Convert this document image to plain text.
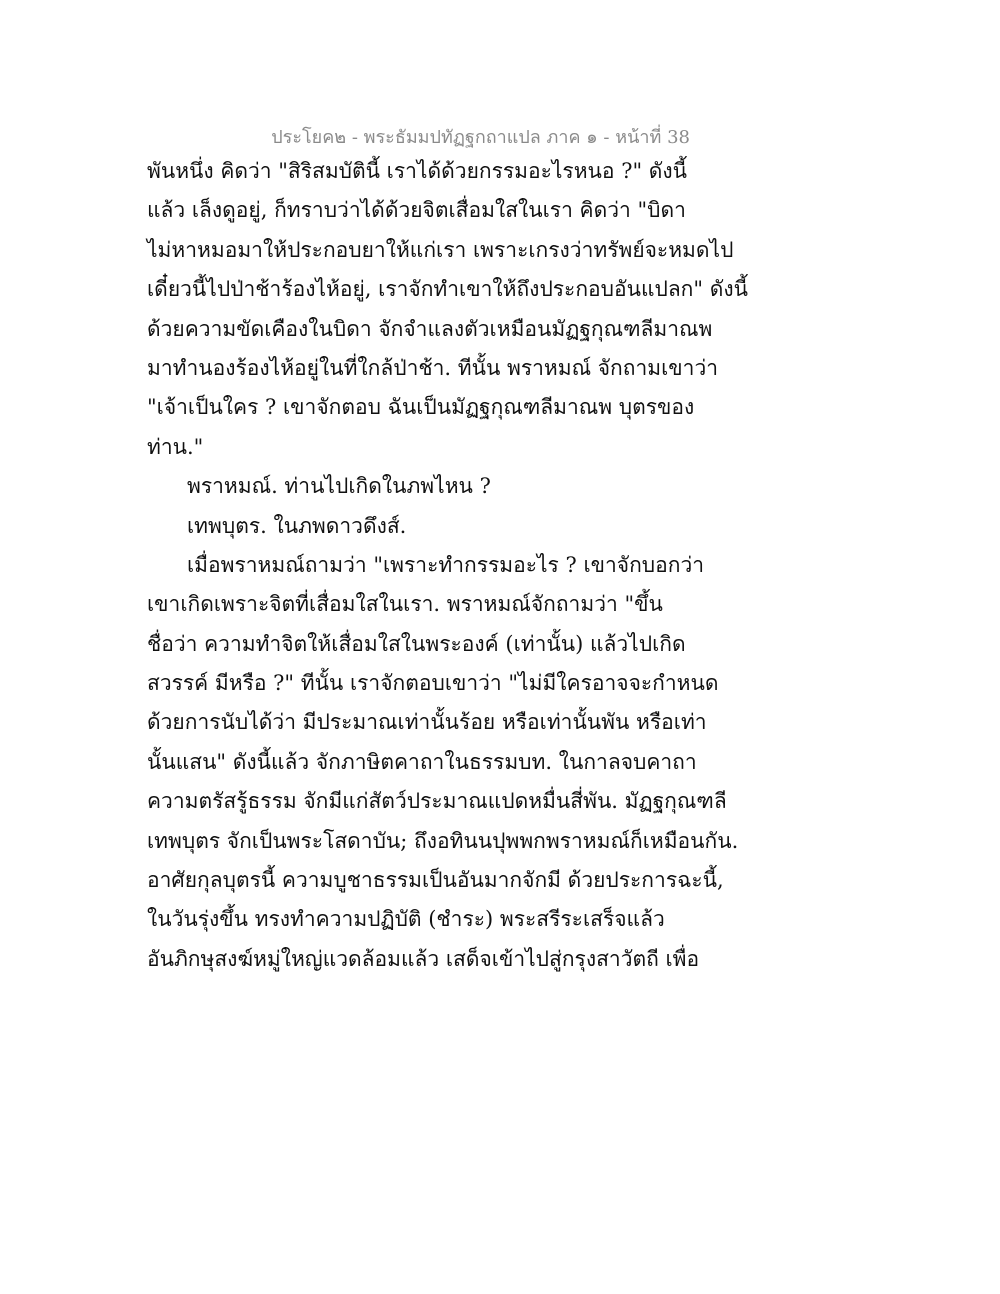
ประโยค๒ - พระธัมมปทัฏฐกถาแปล ภาค ๑ - หน้าที่ 38
พันหนึ่ง คิดว่า "สิริสมบัตินี้ เราได้ด้วยกรรมอะไรหนอ ?" ดังนี้
แล้ว เล็งดูอยู่, ก็ทราบว่าได้ด้วยจิตเสื่อมใสในเรา คิดว่า "บิดา
ไม่หาหมอมาให้ประกอบยาให้แก่เรา เพราะเกรงว่าทรัพย์จะหมดไป
เดี๋ยวนี้ไปป่าช้าร้องไห้อยู่, เราจักทำเขาให้ถึงประกอบอันแปลก" ดังนี้
ด้วยความขัดเคืองในบิดา จักจำแลงตัวเหมือนมัฏฐกุณฑลีมาณพ
มาทำนองร้องไห้อยู่ในที่ใกล้ป่าช้า. ทีนั้น พราหมณ์ จักถามเขาว่า
"เจ้าเป็นใคร ? เขาจักตอบ ฉันเป็นมัฏฐกุณฑลีมาณพ บุตรของ
ท่าน."
พราหมณ์. ท่านไปเกิดในภพไหน ?
เทพบุตร. ในภพดาวดึงส์.
เมื่อพราหมณ์ถามว่า "เพราะทำกรรมอะไร ? เขาจักบอกว่า
เขาเกิดเพราะจิตที่เสื่อมใสในเรา. พราหมณ์จักถามว่า "ขึ้น
ชื่อว่า ความทำจิตให้เสื่อมใสในพระองค์ (เท่านั้น) แล้วไปเกิด
สวรรค์ มีหรือ ?" ทีนั้น เราจักตอบเขาว่า "ไม่มีใครอาจจะกำหนด
ด้วยการนับได้ว่า มีประมาณเท่านั้นร้อย หรือเท่านั้นพัน หรือเท่า
นั้นแสน" ดังนี้แล้ว จักภาษิตคาถาในธรรมบท. ในกาลจบคาถา
ความตรัสรู้ธรรม จักมีแก่สัตว์ประมาณแปดหมื่นสี่พัน. มัฏฐกุณฑลี
เทพบุตร จักเป็นพระโสดาบัน; ถึงอทินนปุพพกพราหมณ์ก็เหมือนกัน.
อาศัยกุลบุตรนี้ ความบูชาธรรมเป็นอันมากจักมี ด้วยประการฉะนี้,
ในวันรุ่งขึ้น ทรงทำความปฏิบัติ (ชำระ) พระสรีระเสร็จแล้ว
อันภิกษุสงฆ์หมู่ใหญ่แวดล้อมแล้ว เสด็จเข้าไปสู่กรุงสาวัตถี เพื่อ
